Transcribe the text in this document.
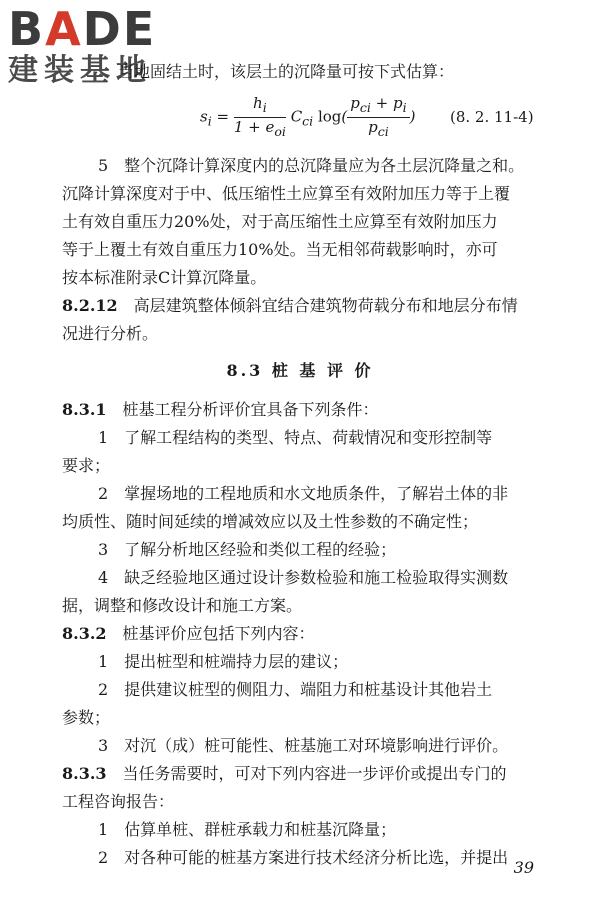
BADE
建装基地
当地固结土时，该层土的沉降量可按下式估算：
$s_i = \frac{h_i}{1 + e_{oi}} C_{ci}$ $\log( \frac{p_{ci} + p_i}{p_{ci}}$ ) (8. 2. 11-4)
5　整个沉降计算深度内的总沉降量应为各土层沉降量之和。
沉降计算深度对于中、低压缩性土应算至有效附加压力等于上覆
土有效自重压力20%处，对于高压缩性土应算至有效附加压力
等于上覆土有效自重压力10%处。当无相邻荷载影响时，亦可
按本标准附录C计算沉降量。
8.2.12　高层建筑整体倾斜宜结合建筑物荷载分布和地层分布情
况进行分析。
8.3 桩 基 评 价
8.3.1　桩基工程分析评价宜具备下列条件：
1　了解工程结构的类型、特点、荷载情况和变形控制等
要求；
2　掌握场地的工程地质和水文地质条件，了解岩土体的非
均质性、随时间延续的增减效应以及土性参数的不确定性；
3　了解分析地区经验和类似工程的经验；
4　缺乏经验地区通过设计参数检验和施工检验取得实测数
据，调整和修改设计和施工方案。
8.3.2　桩基评价应包括下列内容：
1　提出桩型和桩端持力层的建议；
2　提供建议桩型的侧阻力、端阻力和桩基设计其他岩土
参数；
3　对沉（成）桩可能性、桩基施工对环境影响进行评价。
8.3.3　当任务需要时，可对下列内容进一步评价或提出专门的
工程咨询报告：
1　估算单桩、群桩承载力和桩基沉降量；
2　对各种可能的桩基方案进行技术经济分析比选，并提出
39
